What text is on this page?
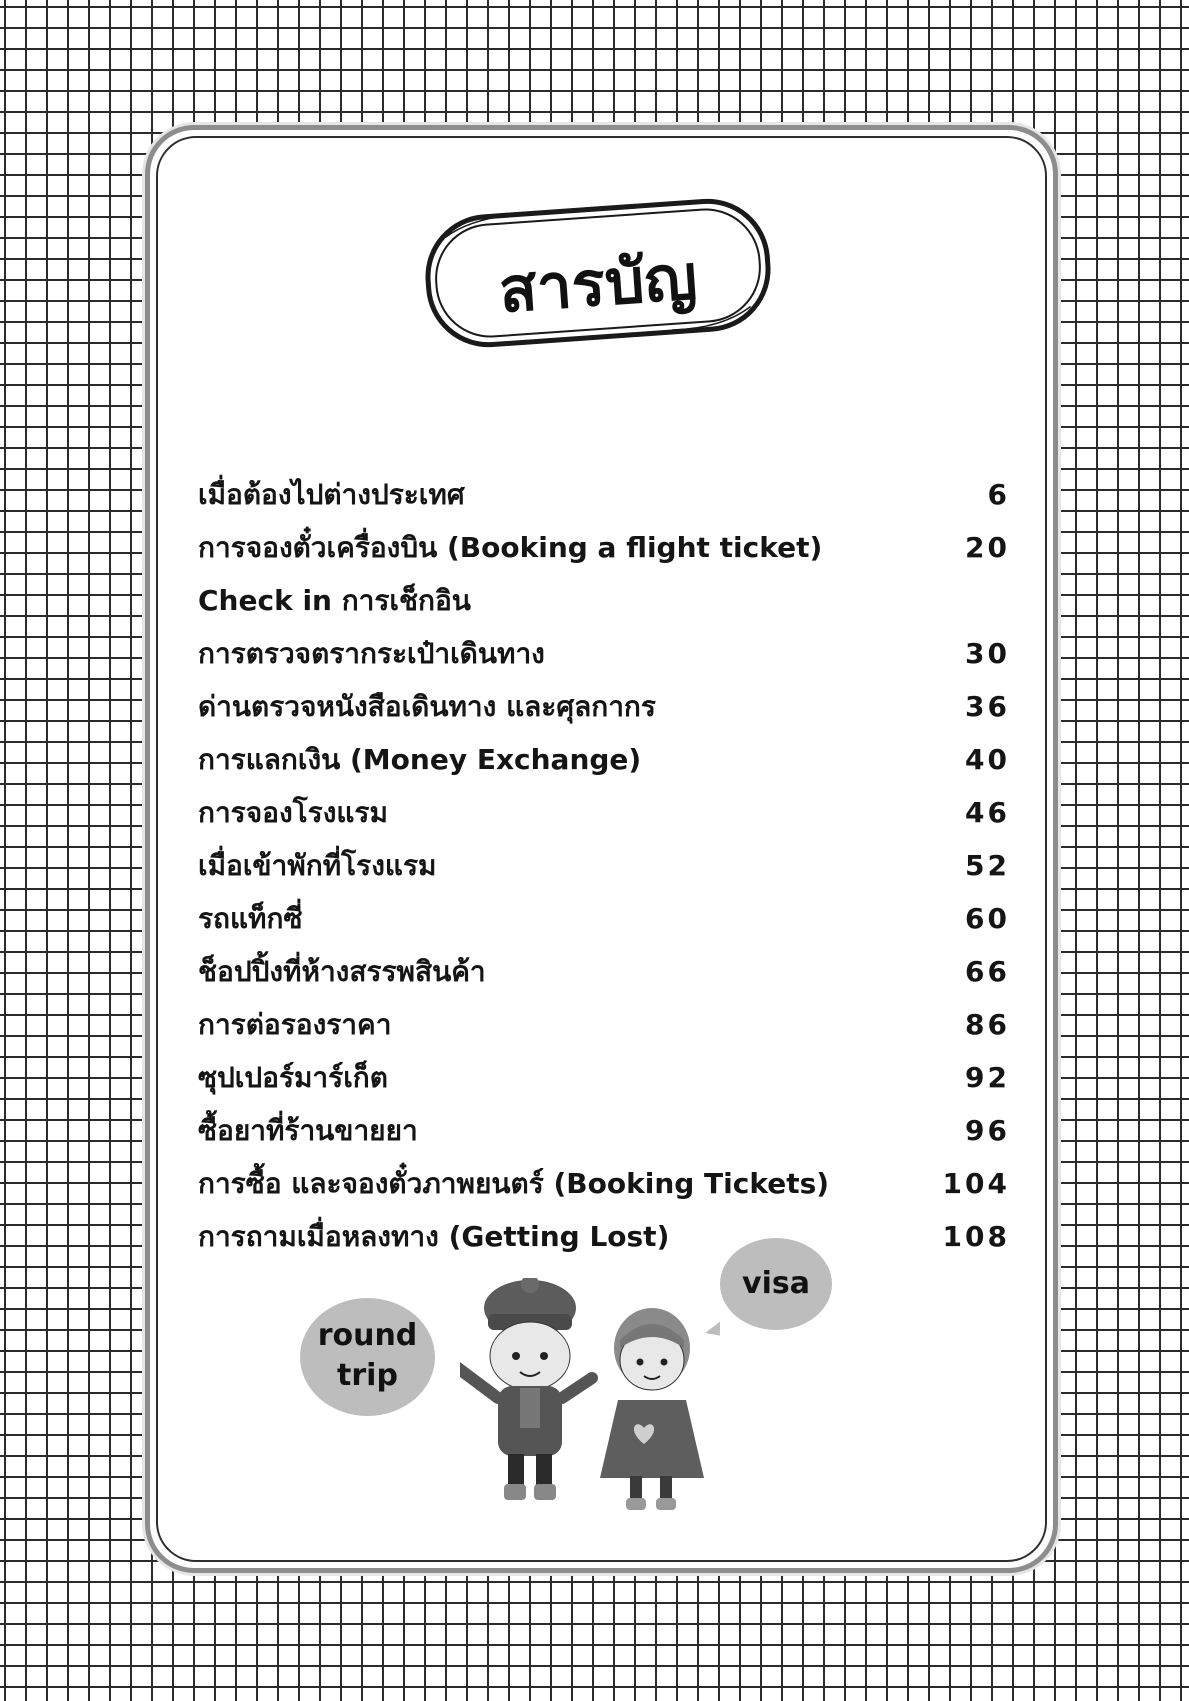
สารบัญ
เมื่อต้องไปต่างประเทศ	6
การจองตั๋วเครื่องบิน (Booking a flight ticket)	20
Check in การเช็กอิน
การตรวจตรากระเป๋าเดินทาง	30
ด่านตรวจหนังสือเดินทาง และศุลกากร	36
การแลกเงิน (Money Exchange)	40
การจองโรงแรม	46
เมื่อเข้าพักที่โรงแรม	52
รถแท็กซี่	60
ช็อปปิ้งที่ห้างสรรพสินค้า	66
การต่อรองราคา	86
ซุปเปอร์มาร์เก็ต	92
ซื้อยาที่ร้านขายยา	96
การซื้อ และจองตั๋วภาพยนตร์ (Booking Tickets)	104
การถามเมื่อหลงทาง (Getting Lost)	108
round
trip
visa
